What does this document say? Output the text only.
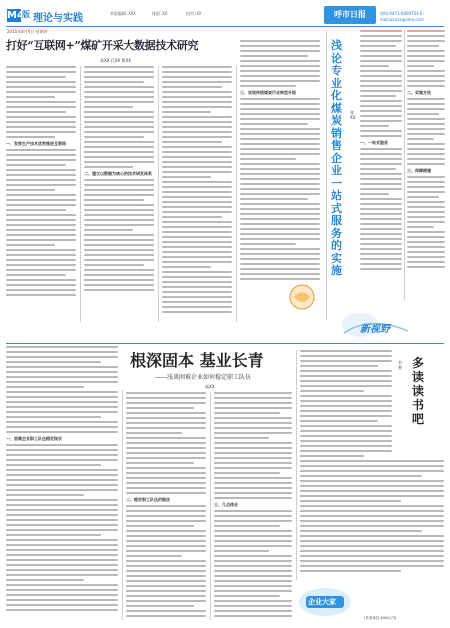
M4
版 理论与实践	本版编辑:XXX	排版:XX	校对:XX	呼市日报	热线:0471-6000754 E-mail:xxxxx@sina.com
2015年8月6日 星期四
打好“互联网+”煤矿开采大数据技术研究
张XX 孔XX 曹XX
一、发挥生产技术优势推进互联网
二、建立以数据为核心的技术研发体系
三、实现传统煤炭行业转型升级
浅论专业化煤炭销售企业一站式服务的实施
张XX
一、一站式服务
二、实施方法
三、保障措施
新视野
一、困难企业职工队伍稳定现状
根深固本 基业长青
——浅谈困难企业如何稳定职工队伍
高XX
二、稳定职工队伍的做法
三、几点体会
书香 多读读书吧
企业大家
(作者单位:XXX公司)
